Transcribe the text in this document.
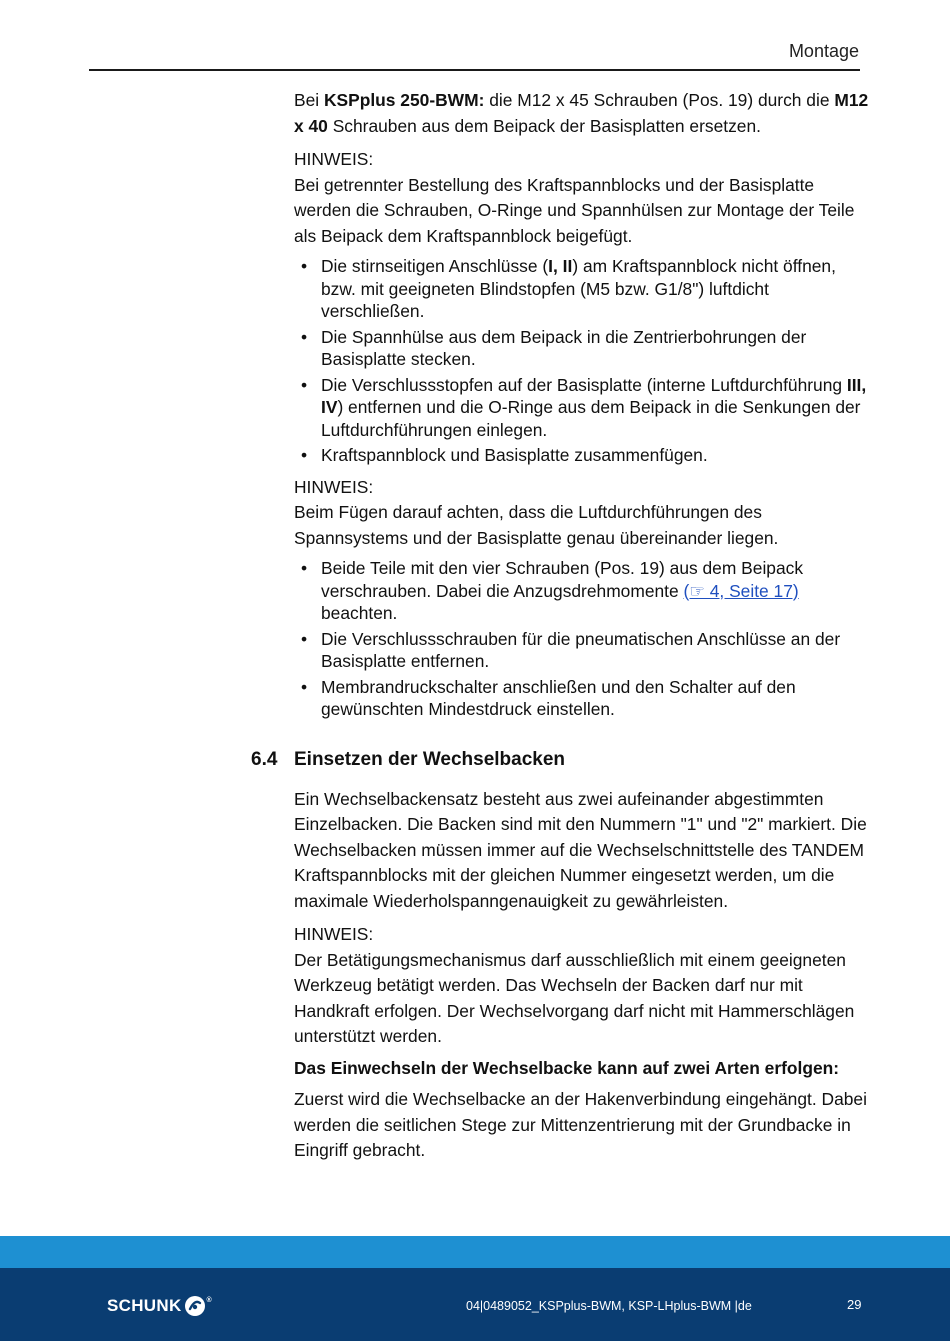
Montage

Bei KSPplus 250-BWM: die M12 x 45 Schrauben (Pos. 19) durch die M12 x 40 Schrauben aus dem Beipack der Basisplatten ersetzen.

HINWEIS:

Bei getrennter Bestellung des Kraftspannblocks und der Basisplatte werden die Schrauben, O-Ringe und Spannhülsen zur Montage der Teile als Beipack dem Kraftspannblock beigefügt.

• Die stirnseitigen Anschlüsse (I, II) am Kraftspannblock nicht öffnen, bzw. mit geeigneten Blindstopfen (M5 bzw. G1/8") luftdicht verschließen.
• Die Spannhülse aus dem Beipack in die Zentrierbohrungen der Basisplatte stecken.
• Die Verschlussstopfen auf der Basisplatte (interne Luftdurchführung III, IV) entfernen und die O-Ringe aus dem Beipack in die Senkungen der Luftdurchführungen einlegen.
• Kraftspannblock und Basisplatte zusammenfügen.

HINWEIS:

Beim Fügen darauf achten, dass die Luftdurchführungen des Spannsystems und der Basisplatte genau übereinander liegen.

• Beide Teile mit den vier Schrauben (Pos. 19) aus dem Beipack verschrauben. Dabei die Anzugsdrehmomente (☞ 4, Seite 17) beachten.
• Die Verschlussschrauben für die pneumatischen Anschlüsse an der Basisplatte entfernen.
• Membrandruckschalter anschließen und den Schalter auf den gewünschten Mindestdruck einstellen.
6.4 Einsetzen der Wechselbacken

Ein Wechselbackensatz besteht aus zwei aufeinander abgestimmten Einzelbacken. Die Backen sind mit den Nummern "1" und "2" markiert. Die Wechselbacken müssen immer auf die Wechselschnittstelle des TANDEM Kraftspannblocks mit der gleichen Nummer eingesetzt werden, um die maximale Wiederholspanngenauigkeit zu gewährleisten.

HINWEIS:

Der Betätigungsmechanismus darf ausschließlich mit einem geeigneten Werkzeug betätigt werden. Das Wechseln der Backen darf nur mit Handkraft erfolgen. Der Wechselvorgang darf nicht mit Hammerschlägen unterstützt werden.

Das Einwechseln der Wechselbacke kann auf zwei Arten erfolgen:

Zuerst wird die Wechselbacke an der Hakenverbindung eingehängt. Dabei werden die seitlichen Stege zur Mittenzentrierung mit der Grundbacke in Eingriff gebracht.

SCHUNK	®	04|0489052_KSPplus-BWM, KSP-LHplus-BWM |de	29
